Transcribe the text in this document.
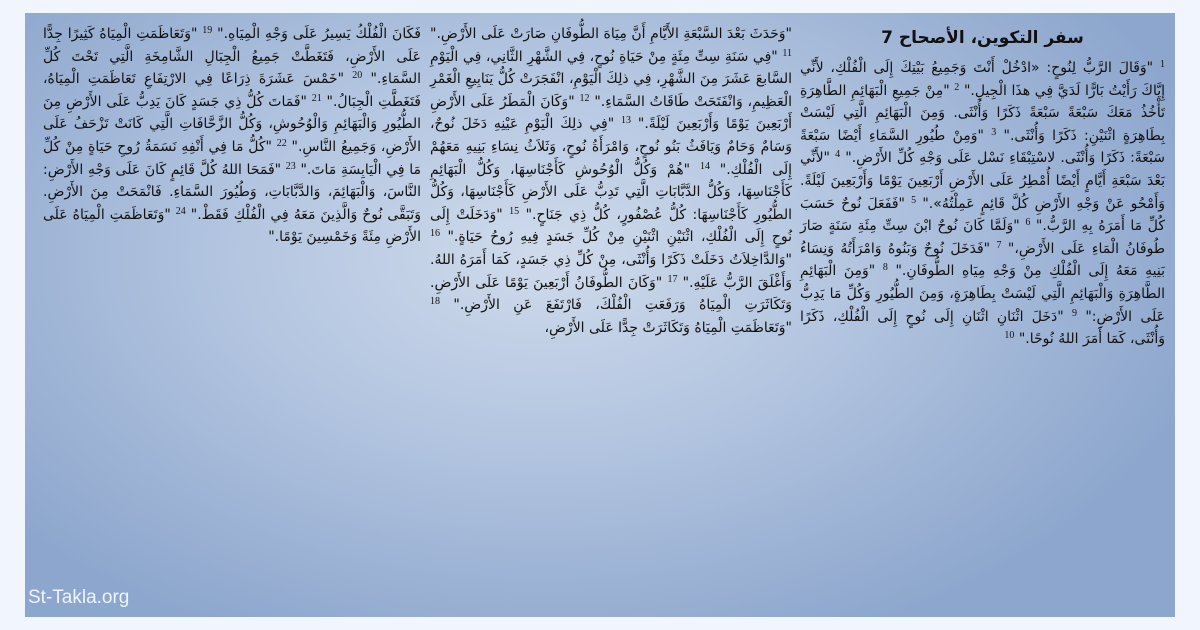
سفر التكوين، الأصحاح 7
$^1$ "وَقَالَ الرَّبُّ لِنُوحٍ: «ادْخُلْ أَنْتَ وَجَمِيعُ بَيْتِكَ إِلَى الْفُلْكِ، لأَنِّي إِيَّاكَ رَأَيْتُ بَارًّا لَدَيَّ فِي هذَا الْجِيلِ." $^2$ "مِنْ جَمِيعِ الْبَهَائِمِ الطَّاهِرَةِ تَأْخُذُ مَعَكَ سَبْعَةً سَبْعَةً ذَكَرًا وَأُنْثَى. وَمِنَ الْبَهَائِمِ الَّتِي لَيْسَتْ بِطَاهِرَةٍ اثْنَيْنِ: ذَكَرًا وَأُنْثَى." $^3$ "وَمِنْ طُيُورِ السَّمَاءِ أَيْضًا سَبْعَةً سَبْعَةً: ذَكَرًا وَأُنْثَى. لاسْتِبْقَاءِ نَسْل عَلَى وَجْهِ كُلِّ الأَرْضِ." $^4$ "لأَنِّي بَعْدَ سَبْعَةِ أَيَّامٍ أَيْضًا أُمْطِرُ عَلَى الأَرْضِ أَرْبَعِينَ يَوْمًا وَأَرْبَعِينَ لَيْلَةً. وَأَمْحُو عَنْ وَجْهِ الأَرْضِ كُلَّ قَائِمٍ عَمِلْتُهُ»." $^5$ "فَفَعَلَ نُوحٌ حَسَبَ كُلِّ مَا أَمَرَهُ بِهِ الرَّبُّ." $^6$ "وَلَمَّا كَانَ نُوحٌ ابْنَ سِتِّ مِئَةِ سَنَةٍ صَارَ طُوفَانُ الْمَاءِ عَلَى الأَرْضِ،" $^7$ "فَدَخَلَ نُوحٌ وَبَنُوهُ وَامْرَأَتُهُ وَنِسَاءُ بَنِيهِ مَعَهُ إِلَى الْفُلْكِ مِنْ وَجْهِ مِيَاهِ الطُّوفَانِ." $^8$ "وَمِنَ الْبَهَائِمِ الطَّاهِرَةِ وَالْبَهَائِمِ الَّتِي لَيْسَتْ بِطَاهِرَةٍ، وَمِنَ الطُّيُورِ وَكُلِّ مَا يَدِبُّ عَلَى الأَرْضِ:" $^9$ "دَخَلَ اثْنَانِ اثْنَانِ إِلَى نُوحٍ إِلَى الْفُلْكِ، ذَكَرًا وَأُنْثَى، كَمَا أَمَرَ اللهُ نُوحًا." $^{10}$
"وَحَدَثَ بَعْدَ السَّبْعَةِ الأَيَّامِ أَنَّ مِيَاهَ الطُّوفَانِ صَارَتْ عَلَى الأَرْضِ." $^{11}$ "فِي سَنَةِ سِتِّ مِئَةٍ مِنْ حَيَاةِ نُوحٍ، فِي الشَّهْرِ الثَّانِي، فِي الْيَوْمِ السَّابعَ عَشَرَ مِنَ الشَّهْرِ، فِي ذلِكَ الْيَوْمِ، انْفَجَرَتْ كُلُّ يَنَابِيعِ الْغَمْرِ الْعَظِيمِ، وَانْفَتَحَتْ طَاقَاتُ السَّمَاءِ." $^{12}$ "وَكَانَ الْمَطَرُ عَلَى الأَرْضِ أَرْبَعِينَ يَوْمًا وَأَرْبَعِينَ لَيْلَةً." $^{13}$ "فِي ذلِكَ الْيَوْمِ عَيْنِهِ دَخَلَ نُوحٌ، وَسَامٌ وَحَامٌ وَيَافَثُ بَنُو نُوحٍ، وَامْرَأَةُ نُوحٍ، وَثَلاَثُ نِسَاءِ بَنِيهِ مَعَهُمْ إِلَى الْفُلْكِ." $^{14}$ "هُمْ وَكُلُّ الْوُحُوشِ كَأَجْنَاسِهَا، وَكُلُّ الْبَهَائِمِ كَأَجْنَاسِهَا، وَكُلُّ الدَّبَّابَاتِ الَّتِي تَدِبُّ عَلَى الأَرْضِ كَأَجْنَاسِهَا، وَكُلُّ الطُّيُورِ كَأَجْنَاسِهَا: كُلُّ عُصْفُورٍ، كُلُّ ذِي جَنَاحٍ." $^{15}$ "وَدَخَلَتْ إِلَى نُوحٍ إِلَى الْفُلْكِ، اثْنَيْنِ اثْنَيْنِ مِنْ كُلِّ جَسَدٍ فِيهِ رُوحُ حَيَاةٍ." $^{16}$ "وَالدَّاخِلاَتُ دَخَلَتْ ذَكَرًا وَأُنْثَى، مِنْ كُلِّ ذِي جَسَدٍ، كَمَا أَمَرَهُ اللهُ. وَأَغْلَقَ الرَّبُّ عَلَيْهِ." $^{17}$ "وَكَانَ الطُّوفَانُ أَرْبَعِينَ يَوْمًا عَلَى الأَرْضِ. وَتَكَاثَرَتِ الْمِيَاهُ وَرَفَعَتِ الْفُلْكَ، فَارْتَفَعَ عَنِ الأَرْضِ." $^{18}$ "وَتَعَاظَمَتِ الْمِيَاهُ وَتَكَاثَرَتْ جِدًّا عَلَى الأَرْضِ،
فَكَانَ الْفُلْكُ يَسِيرُ عَلَى وَجْهِ الْمِيَاهِ." $^{19}$ "وَتَعَاظَمَتِ الْمِيَاهُ كَثِيرًا جِدًّا عَلَى الأَرْضِ، فَتَغَطَّتْ جَمِيعُ الْجِبَالِ الشَّامِخَةِ الَّتِي تَحْتَ كُلِّ السَّمَاءِ." $^{20}$ "خَمْسَ عَشَرَةَ ذِرَاعًا فِي الارْتِفَاعِ تَعَاظَمَتِ الْمِيَاهُ، فَتَغَطَّتِ الْجِبَالُ." $^{21}$ "فَمَاتَ كُلُّ ذِي جَسَدٍ كَانَ يَدِبُّ عَلَى الأَرْضِ مِنَ الطُّيُورِ وَالْبَهَائِمِ وَالْوُحُوشِ، وَكُلُّ الزَّحَّافَاتِ الَّتِي كَانَتْ تَزْحَفُ عَلَى الأَرْضِ، وَجَمِيعُ النَّاسِ." $^{22}$ "كُلُّ مَا فِي أَنْفِهِ نَسَمَةُ رُوحِ حَيَاةٍ مِنْ كُلِّ مَا فِي الْيَابِسَةِ مَاتَ." $^{23}$ "فَمَحَا اللهُ كُلَّ قَائِمٍ كَانَ عَلَى وَجْهِ الأَرْضِ: النَّاسَ، وَالْبَهَائِمَ، وَالدَّبَّابَاتِ، وَطُيُورَ السَّمَاءِ. فَانْمَحَتْ مِنَ الأَرْضِ. وَتَبَقَّى نُوحٌ وَالَّذِينَ مَعَهُ فِي الْفُلْكِ فَقَطْ." $^{24}$ "وَتَعَاظَمَتِ الْمِيَاهُ عَلَى الأَرْضِ مِئَةً وَخَمْسِينَ يَوْمًا."
St-Takla.org
